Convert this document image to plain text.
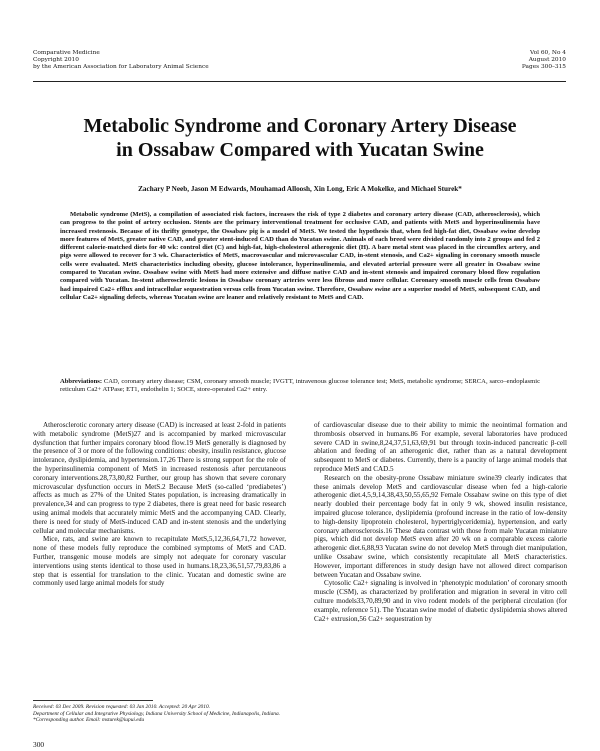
Comparative Medicine
Copyright 2010
by the American Association for Laboratory Animal Science
Vol 60, No 4
August 2010
Pages 300–315
Metabolic Syndrome and Coronary Artery Disease
in Ossabaw Compared with Yucatan Swine
Zachary P Neeb, Jason M Edwards, Mouhamad Alloosh, Xin Long, Eric A Mokelke, and Michael Sturek*
Metabolic syndrome (MetS), a compilation of associated risk factors, increases the risk of type 2 diabetes and coronary artery disease (CAD, atherosclerosis), which can progress to the point of artery occlusion. Stents are the primary interventional treatment for occlusive CAD, and patients with MetS and hyperinsulinemia have increased restenosis. Because of its thrifty genotype, the Ossabaw pig is a model of MetS. We tested the hypothesis that, when fed high-fat diet, Ossabaw swine develop more features of MetS, greater native CAD, and greater stent-induced CAD than do Yucatan swine. Animals of each breed were divided randomly into 2 groups and fed 2 different calorie-matched diets for 40 wk: control diet (C) and high-fat, high-cholesterol atherogenic diet (H). A bare metal stent was placed in the circumflex artery, and pigs were allowed to recover for 3 wk. Characteristics of MetS, macrovascular and microvascular CAD, in-stent stenosis, and Ca2+ signaling in coronary smooth muscle cells were evaluated. MetS characteristics including obesity, glucose intolerance, hyperinsulinemia, and elevated arterial pressure were all greater in Ossabaw swine compared to Yucatan swine. Ossabaw swine with MetS had more extensive and diffuse native CAD and in-stent stenosis and impaired coronary blood flow regulation compared with Yucatan. In-stent atherosclerotic lesions in Ossabaw coronary arteries were less fibrous and more cellular. Coronary smooth muscle cells from Ossabaw had impaired Ca2+ efflux and intracellular sequestration versus cells from Yucatan swine. Therefore, Ossabaw swine are a superior model of MetS, subsequent CAD, and cellular Ca2+ signaling defects, whereas Yucatan swine are leaner and relatively resistant to MetS and CAD.
Abbreviations: CAD, coronary artery disease; CSM, coronary smooth muscle; IVGTT, intravenous glucose tolerance test; MetS, metabolic syndrome; SERCA, sarco–endoplasmic reticulum Ca2+ ATPase; ET1, endothelin 1; SOCE, store-operated Ca2+ entry.

Atherosclerotic coronary artery disease (CAD) is increased at least 2-fold in patients with metabolic syndrome (MetS)27 and is accompanied by marked microvascular dysfunction that further impairs coronary blood flow.19 MetS generally is diagnosed by the presence of 3 or more of the following conditions: obesity, insulin resistance, glucose intolerance, dyslipidemia, and hypertension.17,26 There is strong support for the role of the hyperinsulinemia component of MetS in increased restenosis after percutaneous coronary interventions.28,73,80,82 Further, our group has shown that severe coronary microvascular dysfunction occurs in MetS.2 Because MetS (so-called ‘prediabetes’) affects as much as 27% of the United States population, is increasing dramatically in prevalence,34 and can progress to type 2 diabetes, there is great need for basic research using animal models that accurately mimic MetS and the accompanying CAD. Clearly, there is need for study of MetS-induced CAD and in-stent stenosis and the underlying cellular and molecular mechanisms.

Mice, rats, and swine are known to recapitulate MetS,5,12,36,64,71,72 however, none of these models fully reproduce the combined symptoms of MetS and CAD. Further, transgenic mouse models are simply not adequate for coronary vascular interventions using stents identical to those used in humans.18,23,36,51,57,79,83,86 a step that is essential for translation to the clinic. Yucatan and domestic swine are commonly used large animal models for study

of cardiovascular disease due to their ability to mimic the neointimal formation and thrombosis observed in humans.86 For example, several laboratories have produced severe CAD in swine,8,24,37,51,63,69,91 but through toxin-induced pancreatic β-cell ablation and feeding of an atherogenic diet, rather than as a natural development subsequent to MetS or diabetes. Currently, there is a paucity of large animal models that reproduce MetS and CAD.5

Research on the obesity-prone Ossabaw miniature swine39 clearly indicates that these animals develop MetS and cardiovascular disease when fed a high-calorie atherogenic diet.4,5,9,14,38,43,50,55,65,92 Female Ossabaw swine on this type of diet nearly doubled their percentage body fat in only 9 wk, showed insulin resistance, impaired glucose tolerance, dyslipidemia (profound increase in the ratio of low-density to high-density lipoprotein cholesterol, hypertriglyceridemia), hypertension, and early coronary atherosclerosis.16 These data contrast with those from male Yucatan miniature pigs, which did not develop MetS even after 20 wk on a comparable excess calorie atherogenic diet.6,88,93 Yucatan swine do not develop MetS through diet manipulation, unlike Ossabaw swine, which consistently recapitulate all MetS characteristics. However, important differences in study design have not allowed direct comparison between Yucatan and Ossabaw swine.

Cytosolic Ca2+ signaling is involved in ‘phenotypic modulation’ of coronary smooth muscle (CSM), as characterized by proliferation and migration in several in vitro cell culture models33,70,89,90 and in vivo rodent models of the peripheral circulation (for example, reference 51). The Yucatan swine model of diabetic dyslipidemia shows altered Ca2+ extrusion,56 Ca2+ sequestration by

Received: 03 Dec 2009. Revision requested: 03 Jan 2010. Accepted: 20 Apr 2010.
Department of Cellular and Integrative Physiology, Indiana University School of Medicine, Indianapolis, Indiana.
*Corresponding author. Email: msturek@iupui.edu
300
